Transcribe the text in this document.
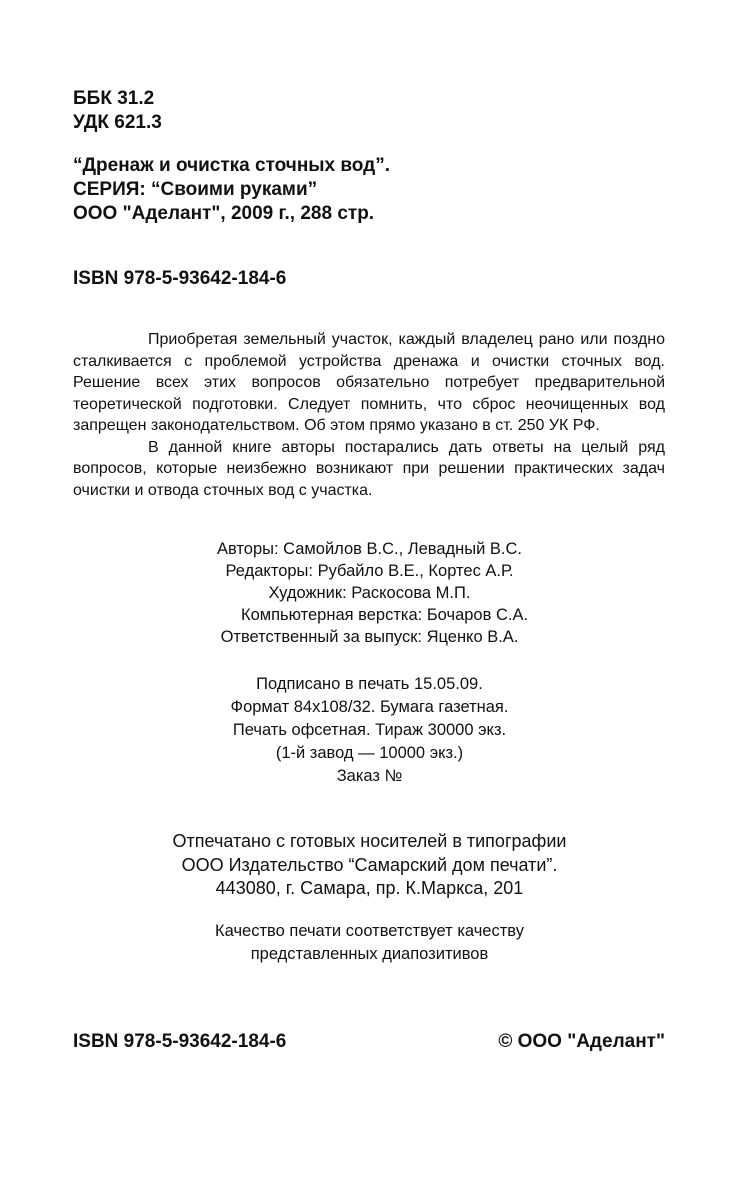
ББК 31.2
УДК 621.3
“Дренаж и очистка сточных вод”.
СЕРИЯ: “Своими руками”
ООО "Аделант", 2009 г., 288 стр.
ISBN 978-5-93642-184-6

Приобретая земельный участок, каждый владелец рано или поздно сталкивается с проблемой устройства дренажа и очистки сточных вод. Решение всех этих вопросов обязательно потребует предварительной теоретической подготовки. Следует помнить, что сброс неочищенных вод запрещен законодательством. Об этом прямо указано в ст. 250 УК РФ.

В данной книге авторы постарались дать ответы на целый ряд вопросов, которые неизбежно возникают при решении практических задач очистки и отвода сточных вод с участка.

Авторы: Самойлов В.С., Левадный В.С.
Редакторы: Рубайло В.Е., Кортес А.Р.
Художник: Раскосова М.П.
Компьютерная верстка: Бочаров С.А.
Ответственный за выпуск: Яценко В.А.
Подписано в печать 15.05.09.
Формат 84х108/32. Бумага газетная.
Печать офсетная. Тираж 30000 экз.
(1-й завод — 10000 экз.)
Заказ №
Отпечатано с готовых носителей в типографии
ООО Издательство “Самарский дом печати”.
443080, г. Самара, пр. К.Маркса, 201
Качество печати соответствует качеству
представленных диапозитивов
ISBN 978-5-93642-184-6	© ООО "Аделант"
